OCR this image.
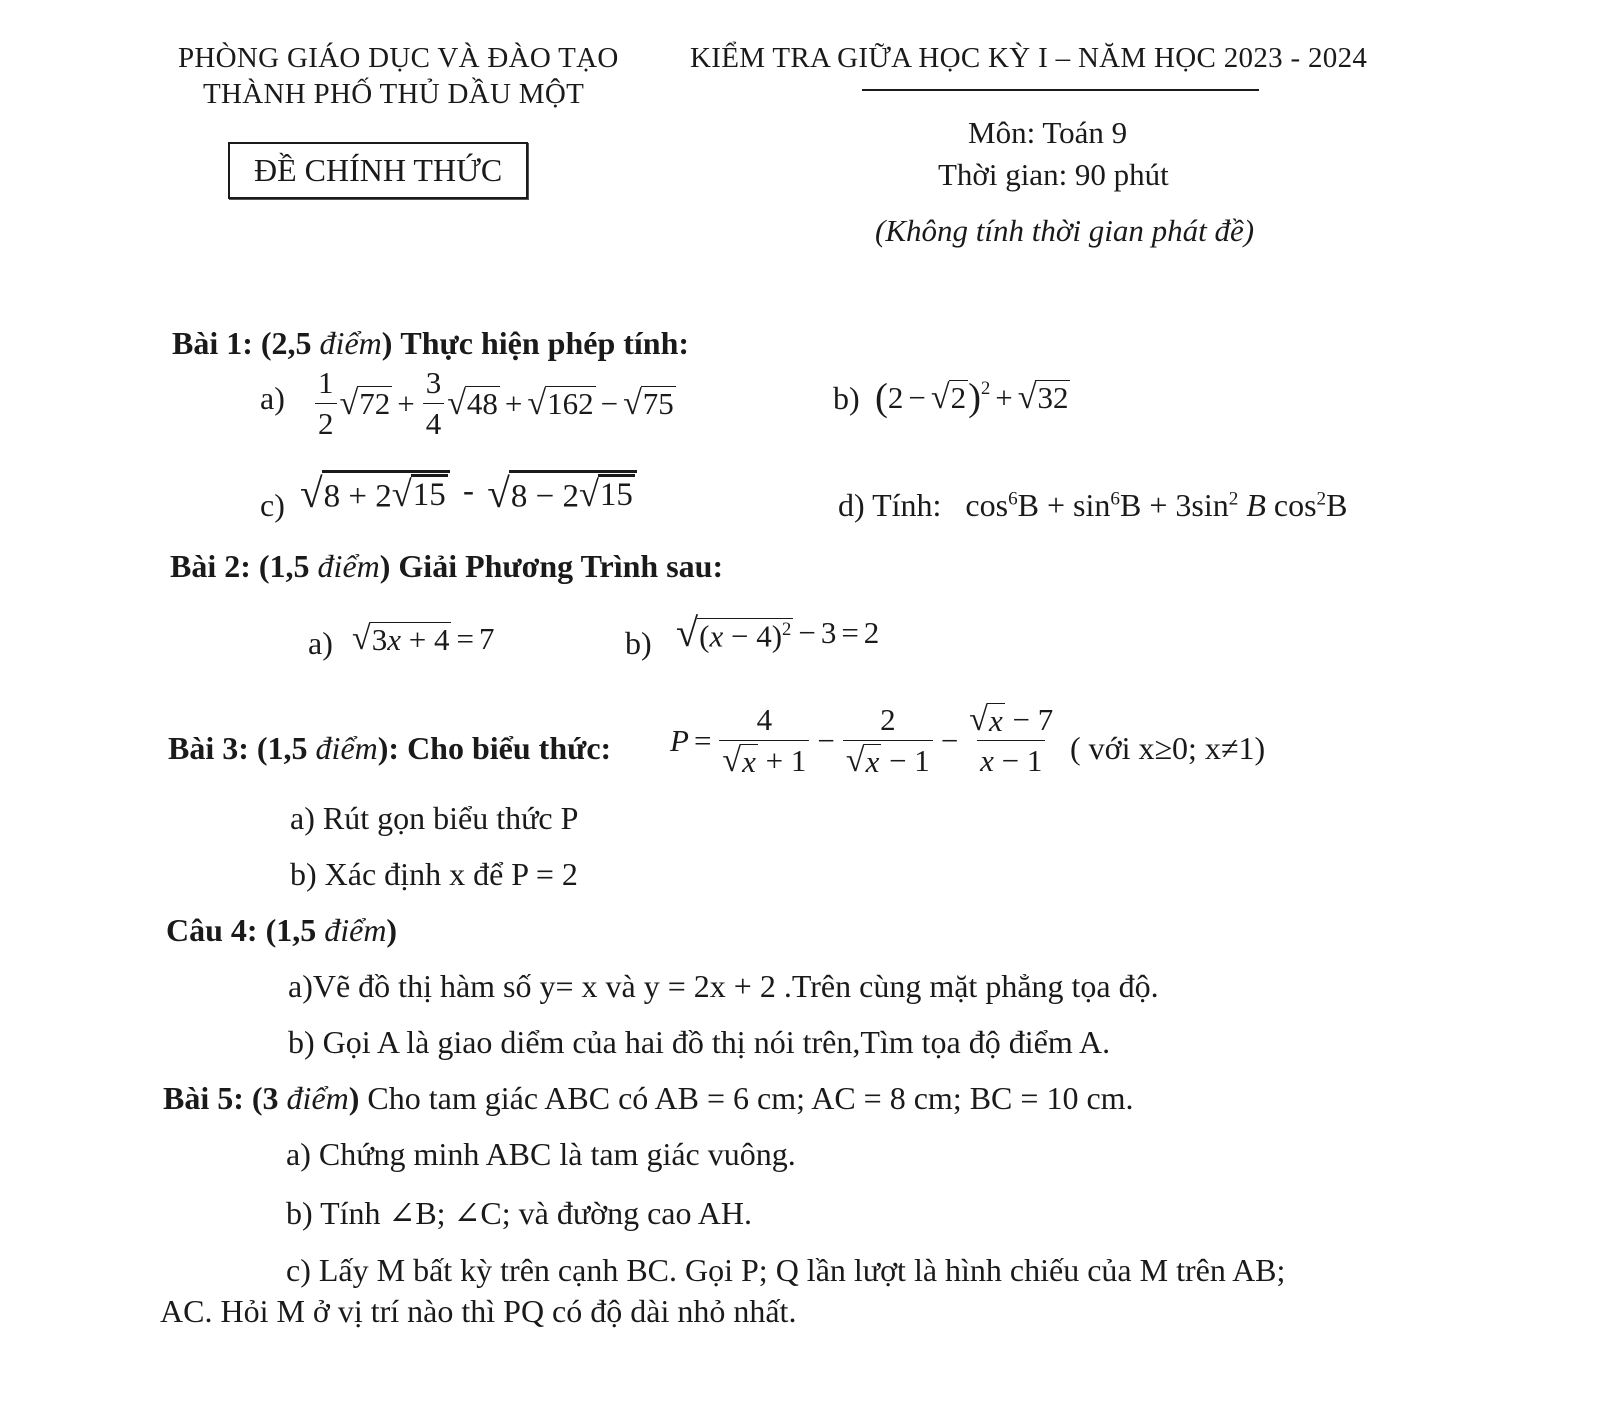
PHÒNG GIÁO DỤC VÀ ĐÀO TẠO
THÀNH PHỐ THỦ DẦU MỘT
KIỂM TRA GIỮA HỌC KỲ I – NĂM HỌC 2023 - 2024
ĐỀ CHÍNH THỨC
Môn: Toán 9
Thời gian: 90 phút
(Không tính thời gian phát đề)
Bài 1: (2,5 điểm) Thực hiện phép tính:
$a) \frac{1}{2}$ √ $72 + \frac{3}{4}$ √ 48 + √ 162 − √ 75	b) ( 2 − √ 2 )$^2$ + √ 32
c) √ 8 + 2 √ 15 - √ 8 − 2 √ 15	d) Tính:   $\cos^6B + \sin^6B + 3\sin^2$ B $\cos^2B$
Bài 2: (1,5 điểm) Giải Phương Trình sau:
a) √ 3x + 4 = 7	b) √ $(x - 4)^2 - 3 = 2$
Bài 3: (1,5 điểm): Cho biểu thức: $P = \frac{4}{√ x + 1} - \frac{2}{√ x - 1} - \frac{√ x - 7}{x - 1}$ ( với x≥0; x≠1)
a) Rút gọn biểu thức P
b) Xác định x để P = 2
Câu 4: (1,5 điểm)
a)Vẽ đồ thị hàm số y= x và y = 2x + 2 .Trên cùng mặt phẳng tọa độ.
b) Gọi A là giao diểm của hai đồ thị nói trên,Tìm tọa độ điểm A.
Bài 5: (3 điểm) Cho tam giác ABC có AB = 6 cm; AC = 8 cm; BC = 10 cm.
a) Chứng minh ABC là tam giác vuông.
b) Tính ∠B; ∠C; và đường cao AH.
c) Lấy M bất kỳ trên cạnh BC. Gọi P; Q lần lượt là hình chiếu của M trên AB;
AC. Hỏi M ở vị trí nào thì PQ có độ dài nhỏ nhất.
